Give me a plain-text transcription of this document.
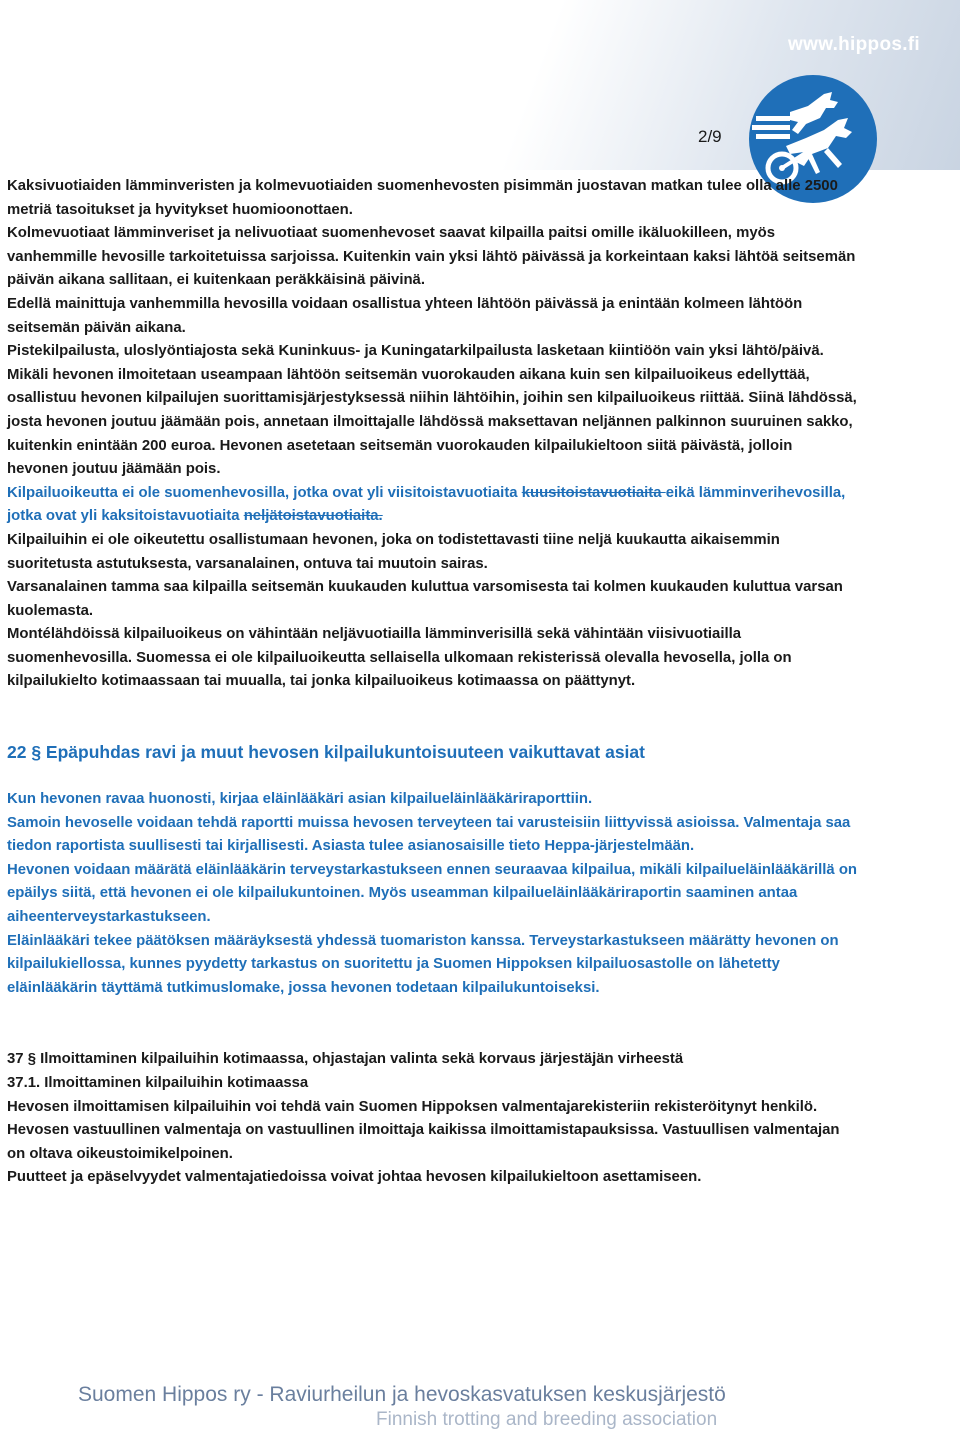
www.hippos.fi
2/9

Kaksivuotiaiden lämminveristen ja kolmevuotiaiden suomenhevosten pisimmän juostavan matkan tulee olla alle 2500 metriä tasoitukset ja hyvitykset huomioonottaen.

Kolmevuotiaat lämminveriset ja nelivuotiaat suomenhevoset saavat kilpailla paitsi omille ikäluokilleen, myös vanhemmille hevosille tarkoitetuissa sarjoissa. Kuitenkin vain yksi lähtö päivässä ja korkeintaan kaksi lähtöä seitsemän päivän aikana sallitaan, ei kuitenkaan peräkkäisinä päivinä.

Edellä mainittuja vanhemmilla hevosilla voidaan osallistua yhteen lähtöön päivässä ja enintään kolmeen lähtöön seitsemän päivän aikana.

Pistekilpailusta, uloslyöntiajosta sekä Kuninkuus- ja Kuningatarkilpailusta lasketaan kiintiöön vain yksi lähtö/päivä.

Mikäli hevonen ilmoitetaan useampaan lähtöön seitsemän vuorokauden aikana kuin sen kilpailuoikeus edellyttää, osallistuu hevonen kilpailujen suorittamisjärjestyksessä niihin lähtöihin, joihin sen kilpailuoikeus riittää. Siinä lähdössä, josta hevonen joutuu jäämään pois, annetaan ilmoittajalle lähdössä maksettavan neljännen palkinnon suuruinen sakko, kuitenkin enintään 200 euroa. Hevonen asetetaan seitsemän vuorokauden kilpailukieltoon siitä päivästä, jolloin hevonen joutuu jäämään pois.

Kilpailuoikeutta ei ole suomenhevosilla, jotka ovat yli viisitoistavuotiaita kuusitoistavuotiaita eikä lämminverihevosilla, jotka ovat yli kaksitoistavuotiaita neljätoistavuotiaita.

Kilpailuihin ei ole oikeutettu osallistumaan hevonen, joka on todistettavasti tiine neljä kuukautta aikaisemmin suoritetusta astutuksesta, varsanalainen, ontuva tai muutoin sairas.

Varsanalainen tamma saa kilpailla seitsemän kuukauden kuluttua varsomisesta tai kolmen kuukauden kuluttua varsan kuolemasta.

Montélähdöissä kilpailuoikeus on vähintään neljävuotiailla lämminverisillä sekä vähintään viisivuotiailla suomenhevosilla. Suomessa ei ole kilpailuoikeutta sellaisella ulkomaan rekisterissä olevalla hevosella, jolla on kilpailukielto kotimaassaan tai muualla, tai jonka kilpailuoikeus kotimaassa on päättynyt.

22 § Epäpuhdas ravi ja muut hevosen kilpailukuntoisuuteen vaikuttavat asiat

Kun hevonen ravaa huonosti, kirjaa eläinlääkäri asian kilpailueläinlääkäriraporttiin.

Samoin hevoselle voidaan tehdä raportti muissa hevosen terveyteen tai varusteisiin liittyvissä asioissa. Valmentaja saa tiedon raportista suullisesti tai kirjallisesti. Asiasta tulee asianosaisille tieto Heppa-järjestelmään.

Hevonen voidaan määrätä eläinlääkärin terveystarkastukseen ennen seuraavaa kilpailua, mikäli kilpailueläinlääkärillä on epäilys siitä, että hevonen ei ole kilpailukuntoinen. Myös useamman kilpailueläinlääkäriraportin saaminen antaa aiheenterveystarkastukseen.

Eläinlääkäri tekee päätöksen määräyksestä yhdessä tuomariston kanssa. Terveystarkastukseen määrätty hevonen on kilpailukiellossa, kunnes pyydetty tarkastus on suoritettu ja Suomen Hippoksen kilpailuosastolle on lähetetty eläinlääkärin täyttämä tutkimuslomake, jossa hevonen todetaan kilpailukuntoiseksi.

37 § Ilmoittaminen kilpailuihin kotimaassa, ohjastajan valinta sekä korvaus järjestäjän virheestä

37.1. Ilmoittaminen kilpailuihin kotimaassa

Hevosen ilmoittamisen kilpailuihin voi tehdä vain Suomen Hippoksen valmentajarekisteriin rekisteröitynyt henkilö. Hevosen vastuullinen valmentaja on vastuullinen ilmoittaja kaikissa ilmoittamistapauksissa. Vastuullisen valmentajan on oltava oikeustoimikelpoinen.

Puutteet ja epäselvyydet valmentajatiedoissa voivat johtaa hevosen kilpailukieltoon asettamiseen.

Suomen Hippos ry - Raviurheilun ja hevoskasvatuksen keskusjärjestö
Finnish trotting and breeding association
